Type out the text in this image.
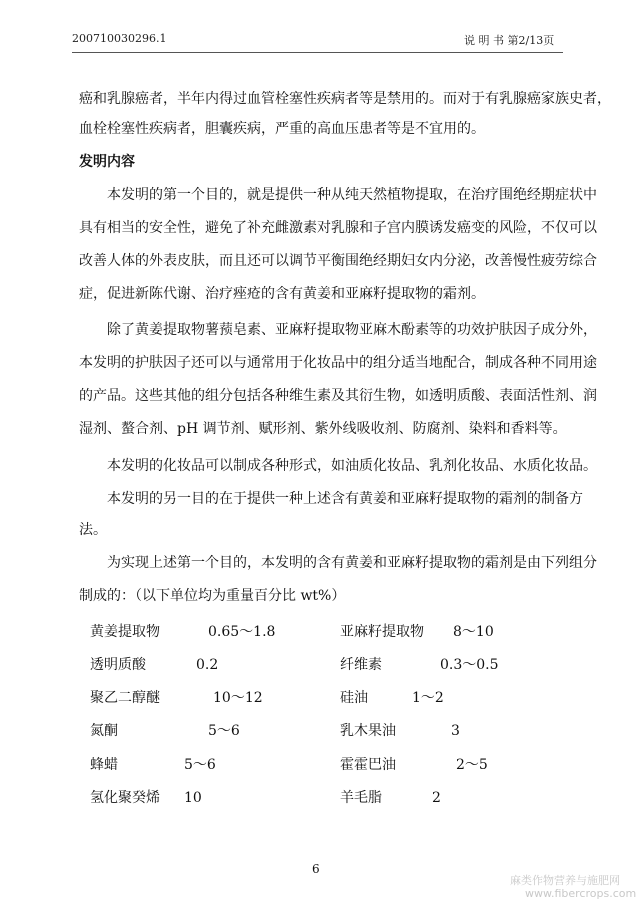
200710030296.1	说 明 书 第2/13页
癌和乳腺癌者，半年内得过血管栓塞性疾病者等是禁用的。而对于有乳腺癌家族史者，
血栓栓塞性疾病者，胆囊疾病，严重的高血压患者等是不宜用的。
发明内容
本发明的第一个目的，就是提供一种从纯天然植物提取，在治疗围绝经期症状中
具有相当的安全性，避免了补充雌激素对乳腺和子宫内膜诱发癌变的风险，不仅可以
改善人体的外表皮肤，而且还可以调节平衡围绝经期妇女内分泌，改善慢性疲劳综合
症，促进新陈代谢、治疗痤疮的含有黄姜和亚麻籽提取物的霜剂。
除了黄姜提取物薯蓣皂素、亚麻籽提取物亚麻木酚素等的功效护肤因子成分外，
本发明的护肤因子还可以与通常用于化妆品中的组分适当地配合，制成各种不同用途
的产品。这些其他的组分包括各种维生素及其衍生物，如透明质酸、表面活性剂、润
湿剂、螯合剂、pH 调节剂、赋形剂、紫外线吸收剂、防腐剂、染料和香料等。
本发明的化妆品可以制成各种形式，如油质化妆品、乳剂化妆品、水质化妆品。
本发明的另一目的在于提供一种上述含有黄姜和亚麻籽提取物的霜剂的制备方
法。
为实现上述第一个目的，本发明的含有黄姜和亚麻籽提取物的霜剂是由下列组分
制成的：（以下单位均为重量百分比 wt%）
黄姜提取物	0.65～1.8	亚麻籽提取物 8～10
透明质酸	0.2	纤维素	0.3～0.5
聚乙二醇醚	10～12	硅油	1～2
氮酮	5～6	乳木果油	3
蜂蜡	5～6	霍霍巴油	2～5
氢化聚癸烯 10	羊毛脂	2
6
麻类作物营养与施肥网
www.fibercrops.com
